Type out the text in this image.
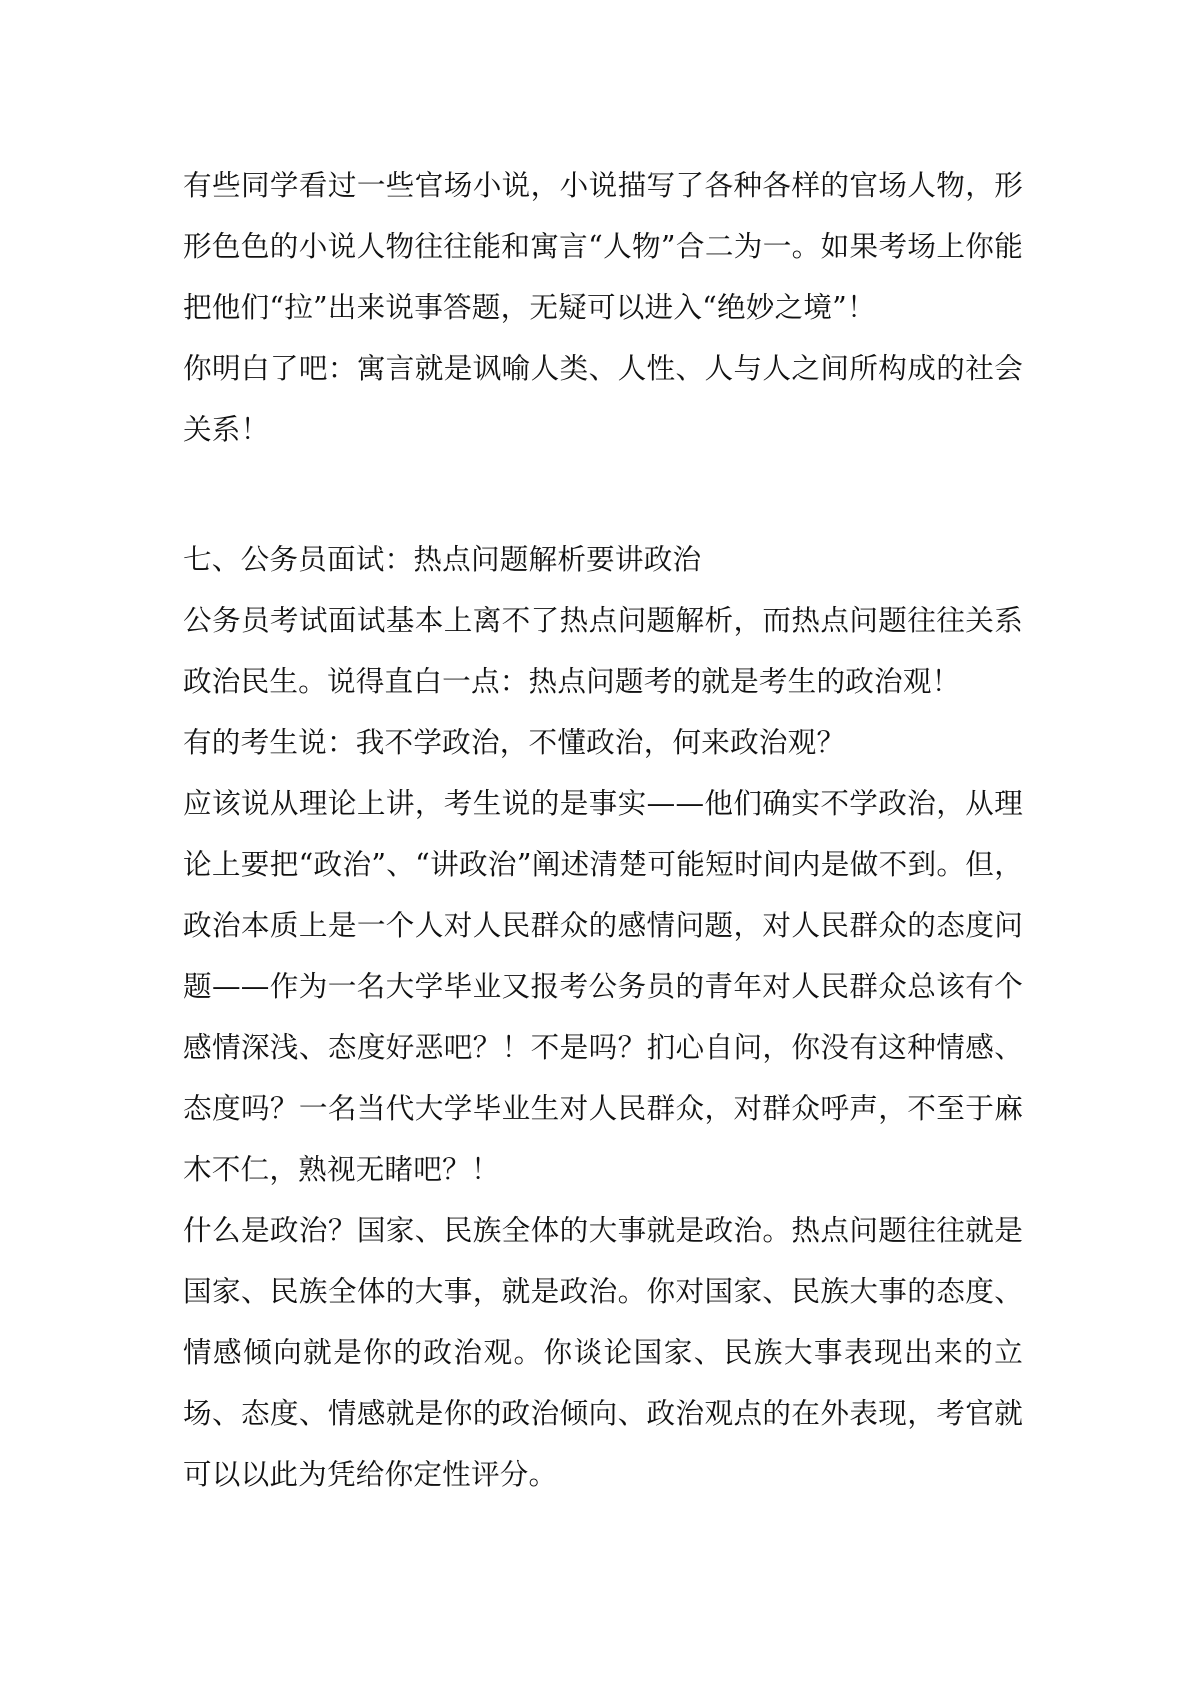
有些同学看过一些官场小说，小说描写了各种各样的官场人物，形形色色的小说人物往往能和寓言“人物”合二为一。如果考场上你能把他们“拉”出来说事答题，无疑可以进入“绝妙之境”！

你明白了吧：寓言就是讽喻人类、人性、人与人之间所构成的社会关系！

七、公务员面试：热点问题解析要讲政治

公务员考试面试基本上离不了热点问题解析，而热点问题往往关系政治民生。说得直白一点：热点问题考的就是考生的政治观！

有的考生说：我不学政治，不懂政治，何来政治观？

应该说从理论上讲，考生说的是事实——他们确实不学政治，从理论上要把“政治”、“讲政治”阐述清楚可能短时间内是做不到。但，政治本质上是一个人对人民群众的感情问题，对人民群众的态度问题——作为一名大学毕业又报考公务员的青年对人民群众总该有个感情深浅、态度好恶吧？！不是吗？扪心自问，你没有这种情感、态度吗？一名当代大学毕业生对人民群众，对群众呼声，不至于麻木不仁，熟视无睹吧？！

什么是政治？国家、民族全体的大事就是政治。热点问题往往就是国家、民族全体的大事，就是政治。你对国家、民族大事的态度、情感倾向就是你的政治观。你谈论国家、民族大事表现出来的立场、态度、情感就是你的政治倾向、政治观点的在外表现，考官就可以以此为凭给你定性评分。
